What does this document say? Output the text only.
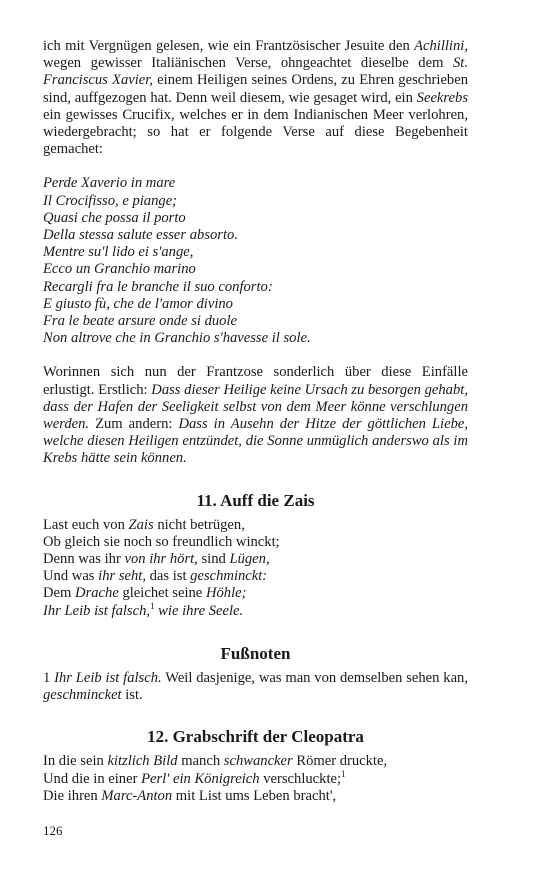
ich mit Vergnügen gelesen, wie ein Frantzösischer Jesuite den Achillini, wegen gewisser Italiänischen Verse, ohngeachtet dieselbe dem St. Franciscus Xavier, einem Heiligen seines Ordens, zu Ehren geschrieben sind, auffgezogen hat. Denn weil diesem, wie gesaget wird, ein Seekrebs ein gewisses Crucifix, welches er in dem Indianischen Meer verlohren, wiedergebracht; so hat er folgende Verse auf diese Begebenheit gemachet:

Perde Xaverio in mare
Il Crocifisso, e piange;
Quasi che possa il porto
Della stessa salute esser absorto.
Mentre su'l lido ei s'ange,
Ecco un Granchio marino
Recargli fra le branche il suo conforto:
E giusto fù, che de l'amor divino
Fra le beate arsure onde si duole
Non altrove che in Granchio s'havesse il sole.

Worinnen sich nun der Frantzose sonderlich über diese Einfälle erlustigt. Erstlich: Dass dieser Heilige keine Ursach zu besorgen gehabt, dass der Hafen der Seeligkeit selbst von dem Meer könne verschlungen werden. Zum andern: Dass in Ausehn der Hitze der göttlichen Liebe, welche diesen Heiligen entzündet, die Sonne unmüglich anderswo als im Krebs hätte sein können.

11. Auff die Zais
Last euch von Zais nicht betrügen,
Ob gleich sie noch so freundlich winckt;
Denn was ihr von ihr hört, sind Lügen,
Und was ihr seht, das ist geschminckt:
Dem Drache gleichet seine Höhle;
Ihr Leib ist falsch,$^1$ wie ihre Seele.
Fußnoten

1 Ihr Leib ist falsch. Weil dasjenige, was man von demselben sehen kan, geschmincket ist.

12. Grabschrift der Cleopatra
In die sein kitzlich Bild manch schwancker Römer druckte,
Und die in einer Perl' ein Königreich verschluckte;$^1$
Die ihren Marc-Anton mit List ums Leben bracht',
126
